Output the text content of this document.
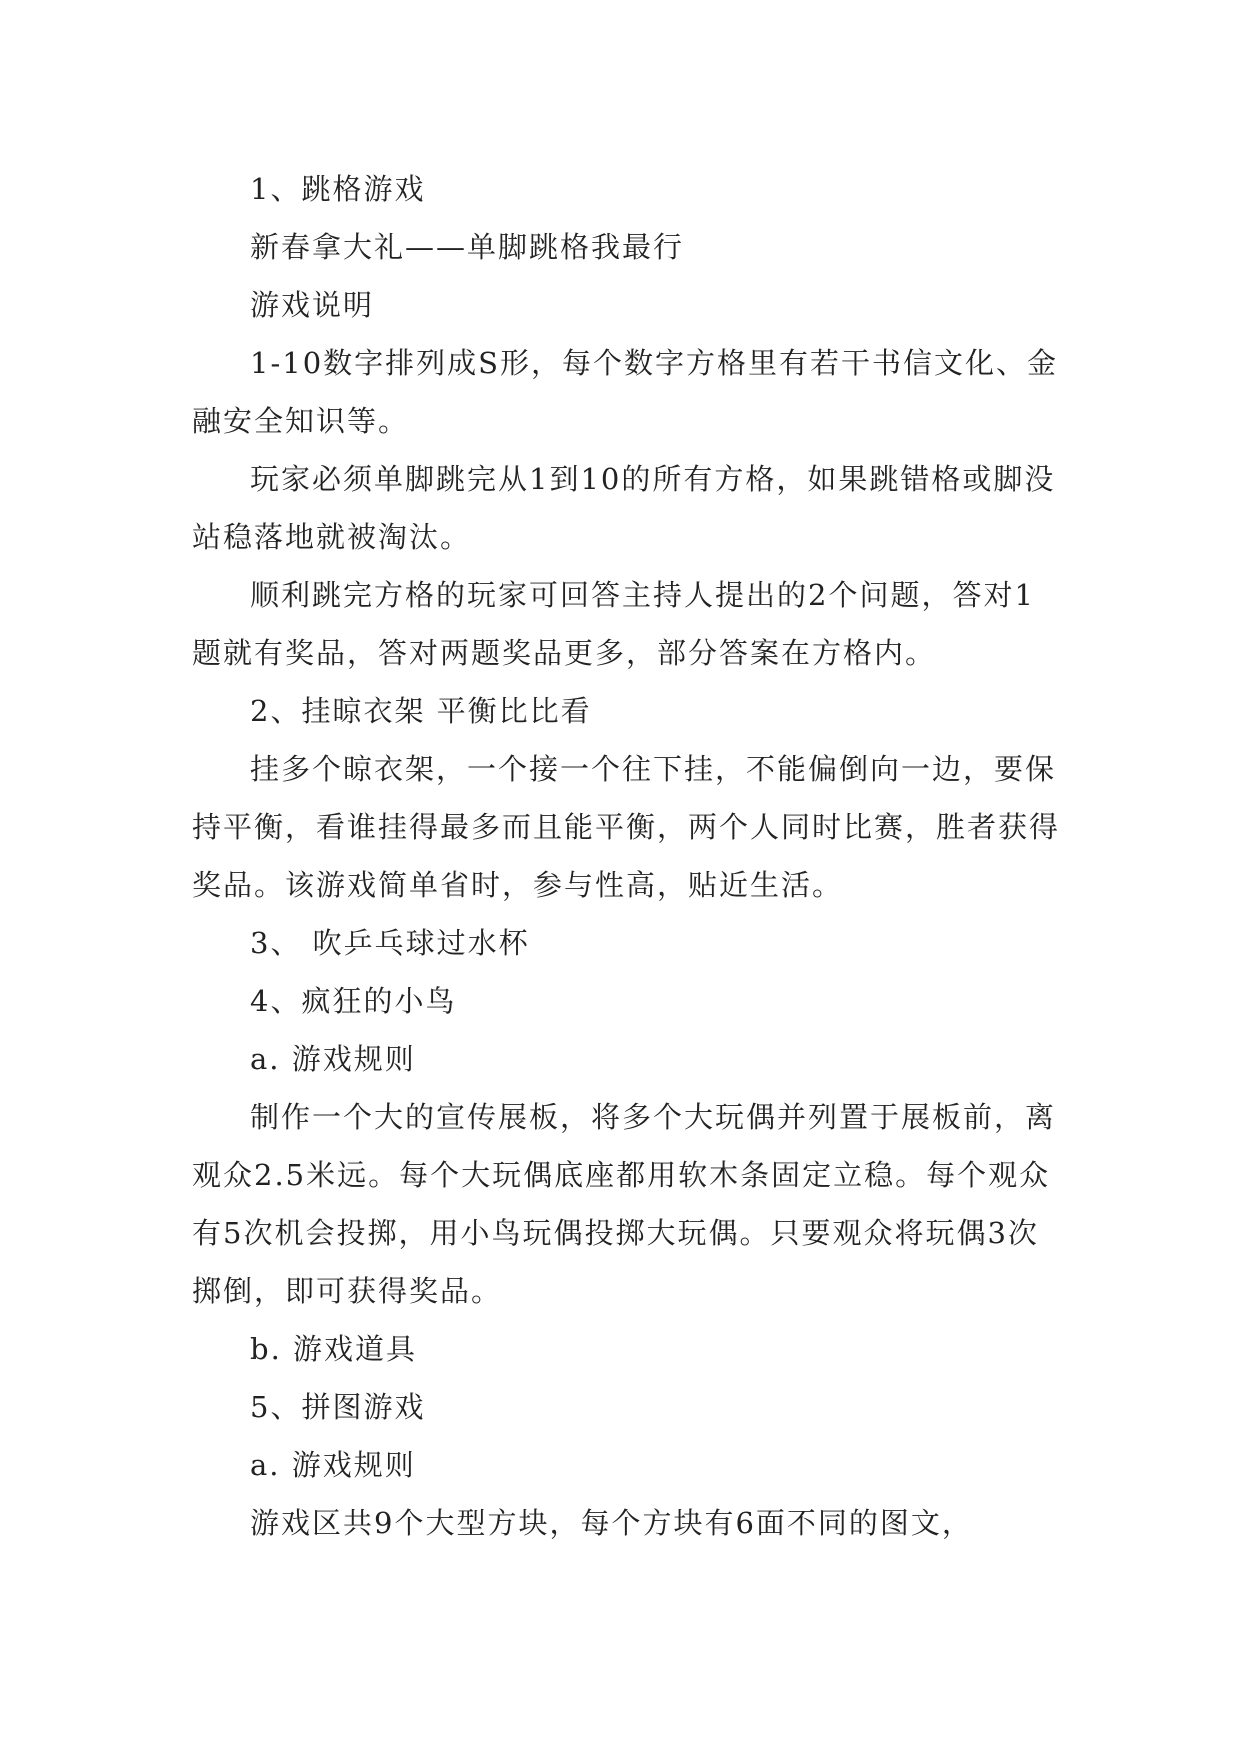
1、跳格游戏

新春拿大礼——单脚跳格我最行

游戏说明

1-10数字排列成S形，每个数字方格里有若干书信文化、金融安全知识等。

玩家必须单脚跳完从1到10的所有方格，如果跳错格或脚没站稳落地就被淘汰。

顺利跳完方格的玩家可回答主持人提出的2个问题，答对1题就有奖品，答对两题奖品更多，部分答案在方格内。

2、挂晾衣架 平衡比比看

挂多个晾衣架，一个接一个往下挂，不能偏倒向一边，要保持平衡，看谁挂得最多而且能平衡，两个人同时比赛，胜者获得奖品。该游戏简单省时，参与性高，贴近生活。

3、 吹乒乓球过水杯

4、疯狂的小鸟

a. 游戏规则

制作一个大的宣传展板，将多个大玩偶并列置于展板前，离观众2.5米远。每个大玩偶底座都用软木条固定立稳。每个观众有5次机会投掷，用小鸟玩偶投掷大玩偶。只要观众将玩偶3次掷倒，即可获得奖品。

b. 游戏道具

5、拼图游戏

a. 游戏规则

游戏区共9个大型方块，每个方块有6面不同的图文，
